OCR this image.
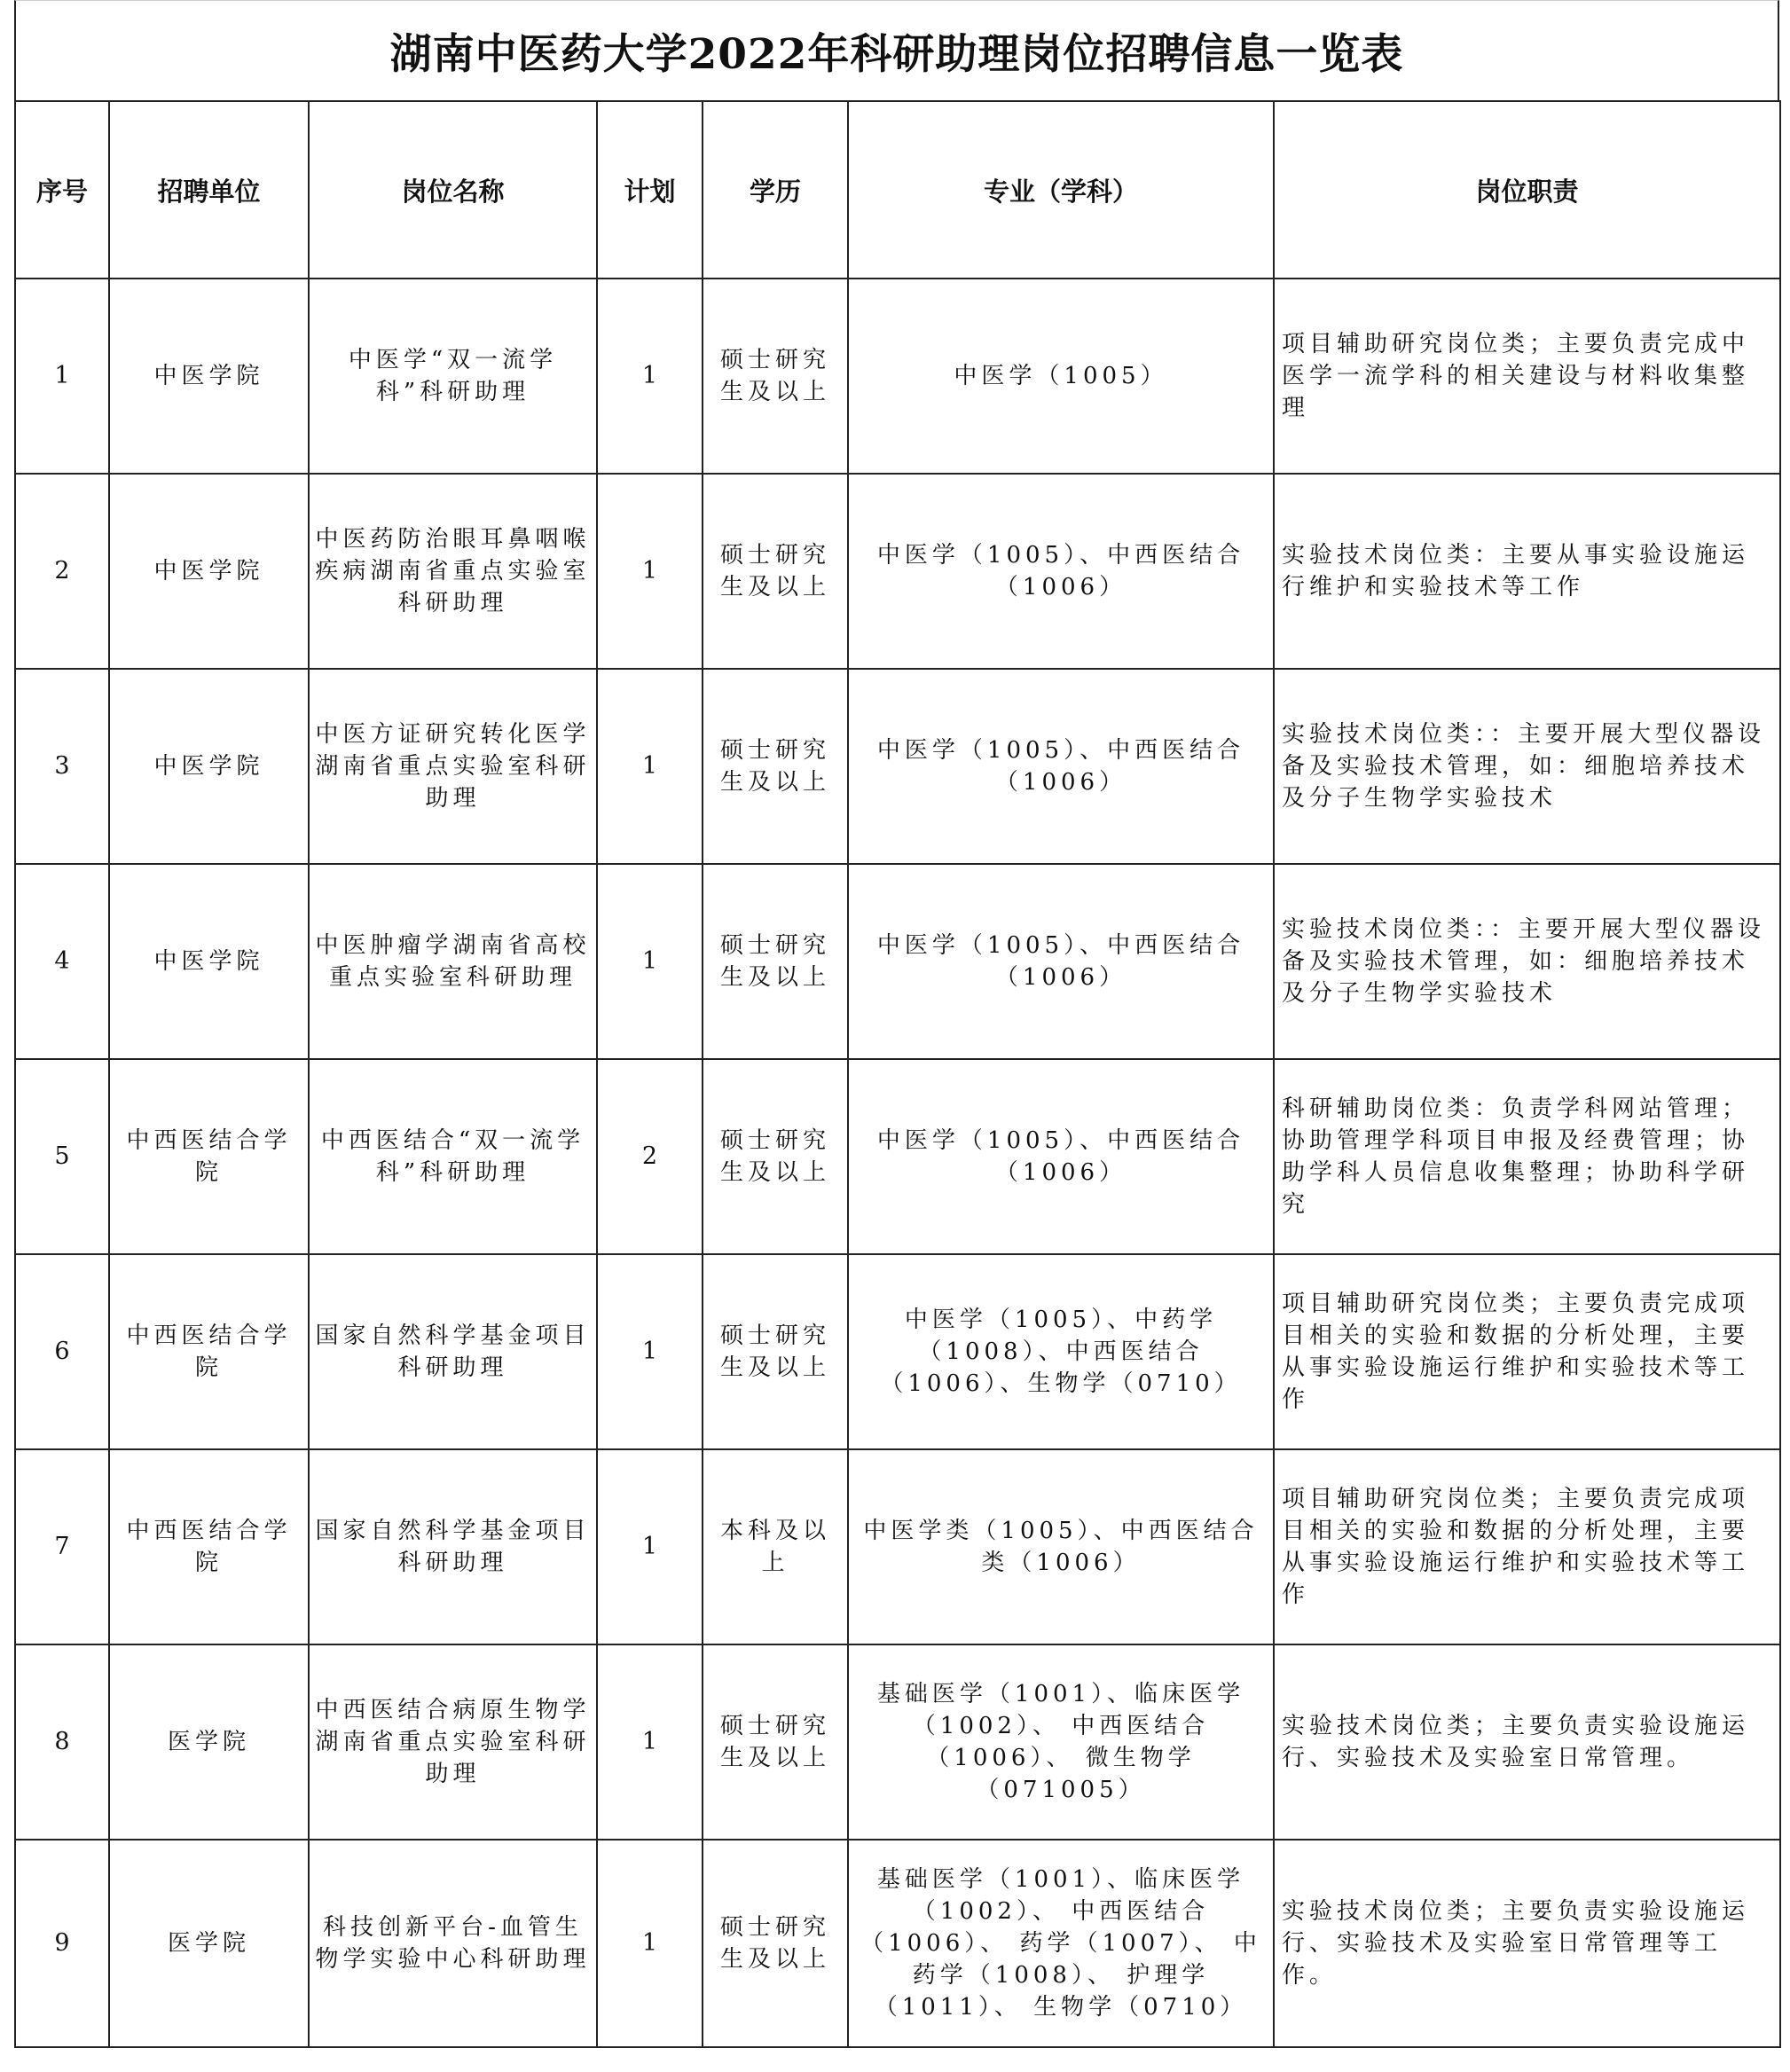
湖南中医药大学2022年科研助理岗位招聘信息一览表
序号	招聘单位	岗位名称	计划	学历	专业（学科）	岗位职责
1	中医学院	中医学“双一流学科”科研助理	1	硕士研究生及以上	中医学（1005）	项目辅助研究岗位类；主要负责完成中医学一流学科的相关建设与材料收集整理
2	中医学院	中医药防治眼耳鼻咽喉疾病湖南省重点实验室科研助理	1	硕士研究生及以上	中医学（1005）、中西医结合（1006）	实验技术岗位类：主要从事实验设施运行维护和实验技术等工作
3	中医学院	中医方证研究转化医学湖南省重点实验室科研助理	1	硕士研究生及以上	中医学（1005）、中西医结合（1006）	实验技术岗位类：：主要开展大型仪器设备及实验技术管理，如：细胞培养技术及分子生物学实验技术
4	中医学院	中医肿瘤学湖南省高校重点实验室科研助理	1	硕士研究生及以上	中医学（1005）、中西医结合（1006）	实验技术岗位类：：主要开展大型仪器设备及实验技术管理，如：细胞培养技术及分子生物学实验技术
5	中西医结合学院	中西医结合“双一流学科”科研助理	2	硕士研究生及以上	中医学（1005）、中西医结合（1006）	科研辅助岗位类：负责学科网站管理；协助管理学科项目申报及经费管理；协助学科人员信息收集整理；协助科学研究
6	中西医结合学院	国家自然科学基金项目科研助理	1	硕士研究生及以上	中医学（1005）、中药学（1008）、中西医结合（1006）、生物学（0710）	项目辅助研究岗位类；主要负责完成项目相关的实验和数据的分析处理，主要从事实验设施运行维护和实验技术等工作
7	中西医结合学院	国家自然科学基金项目科研助理	1	本科及以上	中医学类（1005）、中西医结合类（1006）	项目辅助研究岗位类；主要负责完成项目相关的实验和数据的分析处理，主要从事实验设施运行维护和实验技术等工作
8	医学院	中西医结合病原生物学湖南省重点实验室科研助理	1	硕士研究生及以上	基础医学（1001）、临床医学（1002）、 中西医结合（1006）、 微生物学（071005）	实验技术岗位类；主要负责实验设施运行、实验技术及实验室日常管理。
9	医学院	科技创新平台-血管生物学实验中心科研助理	1	硕士研究生及以上	基础医学（1001）、临床医学（1002）、 中西医结合（1006）、 药学（1007）、 中药学（1008）、 护理学（1011）、 生物学（0710）	实验技术岗位类；主要负责实验设施运行、实验技术及实验室日常管理等工作。
